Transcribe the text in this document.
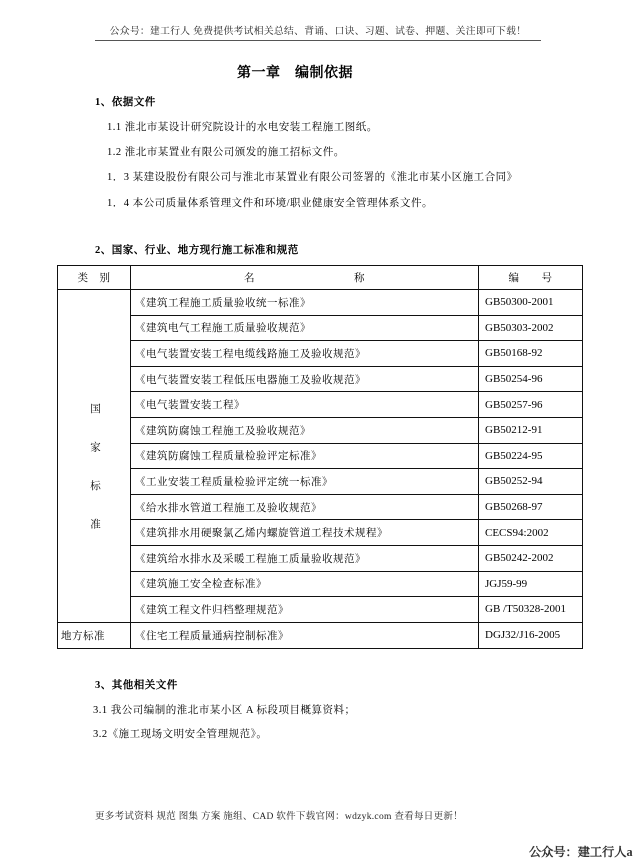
公众号：建工行人 免费提供考试相关总结、背诵、口诀、习题、试卷、押题、关注即可下载！
第一章　编制依据
1、依据文件
1.1 淮北市某设计研究院设计的水电安装工程施工图纸。
1.2 淮北市某置业有限公司颁发的施工招标文件。
1．3 某建设股份有限公司与淮北市某置业有限公司签署的《淮北市某小区施工合同》
1．4 本公司质量体系管理文件和环境/职业健康安全管理体系文件。
2、国家、行业、地方现行施工标准和规范
类　别	名　　　　　　　　　称	编　　号
国家标准	《建筑工程施工质量验收统一标准》	GB50300-2001
	《建筑电气工程施工质量验收规范》	GB50303-2002
	《电气装置安装工程电缆线路施工及验收规范》	GB50168-92
	《电气装置安装工程低压电器施工及验收规范》	GB50254-96
	《电气装置安装工程》	GB50257-96
	《建筑防腐蚀工程施工及验收规范》	GB50212-91
	《建筑防腐蚀工程质量检验评定标准》	GB50224-95
	《工业安装工程质量检验评定统一标准》	GB50252-94
	《给水排水管道工程施工及验收规范》	GB50268-97
	《建筑排水用硬聚氯乙烯内螺旋管道工程技术规程》	CECS94:2002
	《建筑给水排水及采暖工程施工质量验收规范》	GB50242-2002
	《建筑施工安全检查标准》	JGJ59-99
	《建筑工程文件归档整理规范》	GB /T50328-2001
地方标准	《住宅工程质量通病控制标准》	DGJ32/J16-2005
3、其他相关文件
3.1 我公司编制的淮北市某小区 A 标段项目概算资料；
3.2《施工现场文明安全管理规范》。
更多考试资料 规范 图集 方案 施组、CAD 软件下载官网：wdzyk.com 查看每日更新！
公众号：建工行人a
